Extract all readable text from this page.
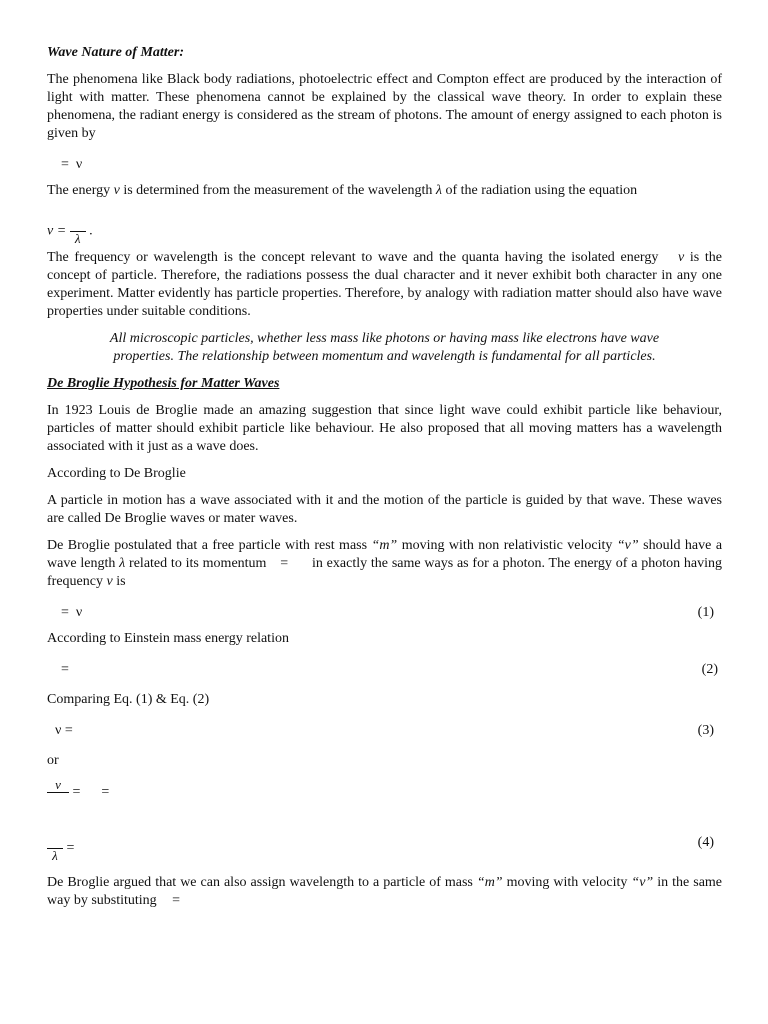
Wave Nature of Matter:
The phenomena like Black body radiations, photoelectric effect and Compton effect are produced by the interaction of light with matter. These phenomena cannot be explained by the classical wave theory. In order to explain these phenomena, the radiant energy is considered as the stream of photons. The amount of energy assigned to each photon is given by
=  ν
The energy ν is determined from the measurement of the wavelength λ of the radiation using the equation
ν = λ .
The frequency or wavelength is the concept relevant to wave and the quanta having the isolated energy ν is the concept of particle. Therefore, the radiations possess the dual character and it never exhibit both character in any one experiment. Matter evidently has particle properties. Therefore, by analogy with radiation matter should also have wave properties under suitable conditions.
All microscopic particles, whether less mass like photons or having mass like electrons have wave properties. The relationship between momentum and wavelength is fundamental for all particles.
De Broglie Hypothesis for Matter Waves
In 1923 Louis de Broglie made an amazing suggestion that since light wave could exhibit particle like behaviour, particles of matter should exhibit particle like behaviour. He also proposed that all moving matters has a wavelength associated with it just as a wave does.
According to De Broglie
A particle in motion has a wave associated with it and the motion of the particle is guided by that wave. These waves are called De Broglie waves or mater waves.
De Broglie postulated that a free particle with rest mass “m” moving with non relativistic velocity “v” should have a wave length λ related to its momentum = in exactly the same ways as for a photon. The energy of a photon having frequency ν is
=  ν	(1)
According to Einstein mass energy relation
=	(2)
Comparing Eq. (1) & Eq. (2)
ν =	(3)
or
ν
=      =
λ =	(4)
De Broglie argued that we can also assign wavelength to a particle of mass “m” moving with velocity “v” in the same way by substituting =
